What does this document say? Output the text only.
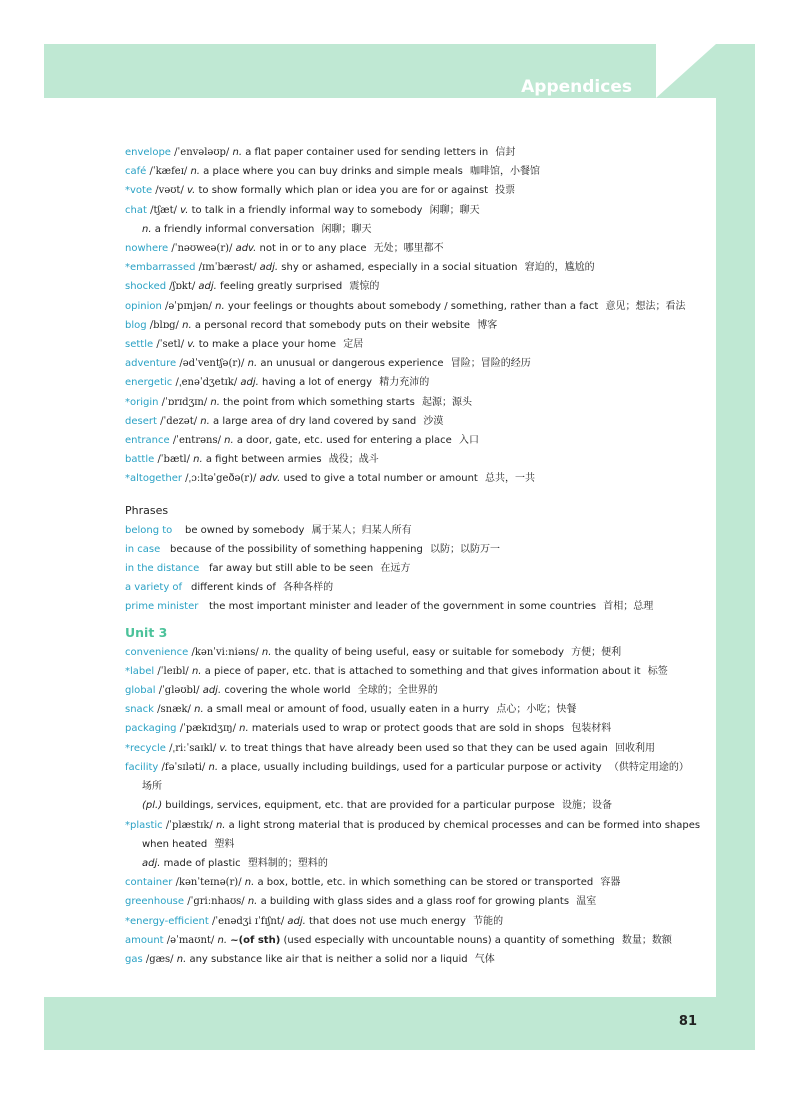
Appendices
81
envelope /ˈenvələʊp/ n. a flat paper container used for sending letters in 信封
café /ˈkæfeɪ/ n. a place where you can buy drinks and simple meals 咖啡馆，小餐馆
*vote /vəʊt/ v. to show formally which plan or idea you are for or against 投票
chat /tʃæt/ v. to talk in a friendly informal way to somebody 闲聊；聊天
n. a friendly informal conversation 闲聊；聊天
nowhere /ˈnəʊweə(r)/ adv. not in or to any place 无处；哪里都不
*embarrassed /ɪmˈbærəst/ adj. shy or ashamed, especially in a social situation 窘迫的，尴尬的
shocked /ʃɒkt/ adj. feeling greatly surprised 震惊的
opinion /əˈpɪnjən/ n. your feelings or thoughts about somebody / something, rather than a fact 意见；想法；看法
blog /blɒg/ n. a personal record that somebody puts on their website 博客
settle /ˈsetl/ v. to make a place your home 定居
adventure /ədˈventʃə(r)/ n. an unusual or dangerous experience 冒险；冒险的经历
energetic /ˌenəˈdʒetɪk/ adj. having a lot of energy 精力充沛的
*origin /ˈɒrɪdʒɪn/ n. the point from which something starts 起源；源头
desert /ˈdezət/ n. a large area of dry land covered by sand 沙漠
entrance /ˈentrəns/ n. a door, gate, etc. used for entering a place 入口
battle /ˈbætl/ n. a fight between armies 战役；战斗
*altogether /ˌɔːltəˈgeðə(r)/ adv. used to give a total number or amount 总共，一共
Phrases
belong to be owned by somebody 属于某人；归某人所有
in case because of the possibility of something happening 以防；以防万一
in the distance far away but still able to be seen 在远方
a variety of different kinds of 各种各样的
prime minister the most important minister and leader of the government in some countries 首相；总理
Unit 3
convenience /kənˈviːniəns/ n. the quality of being useful, easy or suitable for somebody 方便；便利
*label /ˈleɪbl/ n. a piece of paper, etc. that is attached to something and that gives information about it 标签
global /ˈgləʊbl/ adj. covering the whole world 全球的；全世界的
snack /snæk/ n. a small meal or amount of food, usually eaten in a hurry 点心；小吃；快餐
packaging /ˈpækɪdʒɪŋ/ n. materials used to wrap or protect goods that are sold in shops 包装材料
*recycle /ˌriːˈsaɪkl/ v. to treat things that have already been used so that they can be used again 回收利用
facility /fəˈsɪləti/ n. a place, usually including buildings, used for a particular purpose or activity （供特定用途的）
场所
(pl.) buildings, services, equipment, etc. that are provided for a particular purpose 设施；设备
*plastic /ˈplæstɪk/ n. a light strong material that is produced by chemical processes and can be formed into shapes
when heated 塑料
adj. made of plastic 塑料制的；塑料的
container /kənˈteɪnə(r)/ n. a box, bottle, etc. in which something can be stored or transported 容器
greenhouse /ˈgriːnhaʊs/ n. a building with glass sides and a glass roof for growing plants 温室
*energy-efficient /ˈenədʒi ɪˈfɪʃnt/ adj. that does not use much energy 节能的
amount /əˈmaʊnt/ n. ~(of sth) (used especially with uncountable nouns) a quantity of something 数量；数额
gas /gæs/ n. any substance like air that is neither a solid nor a liquid 气体
